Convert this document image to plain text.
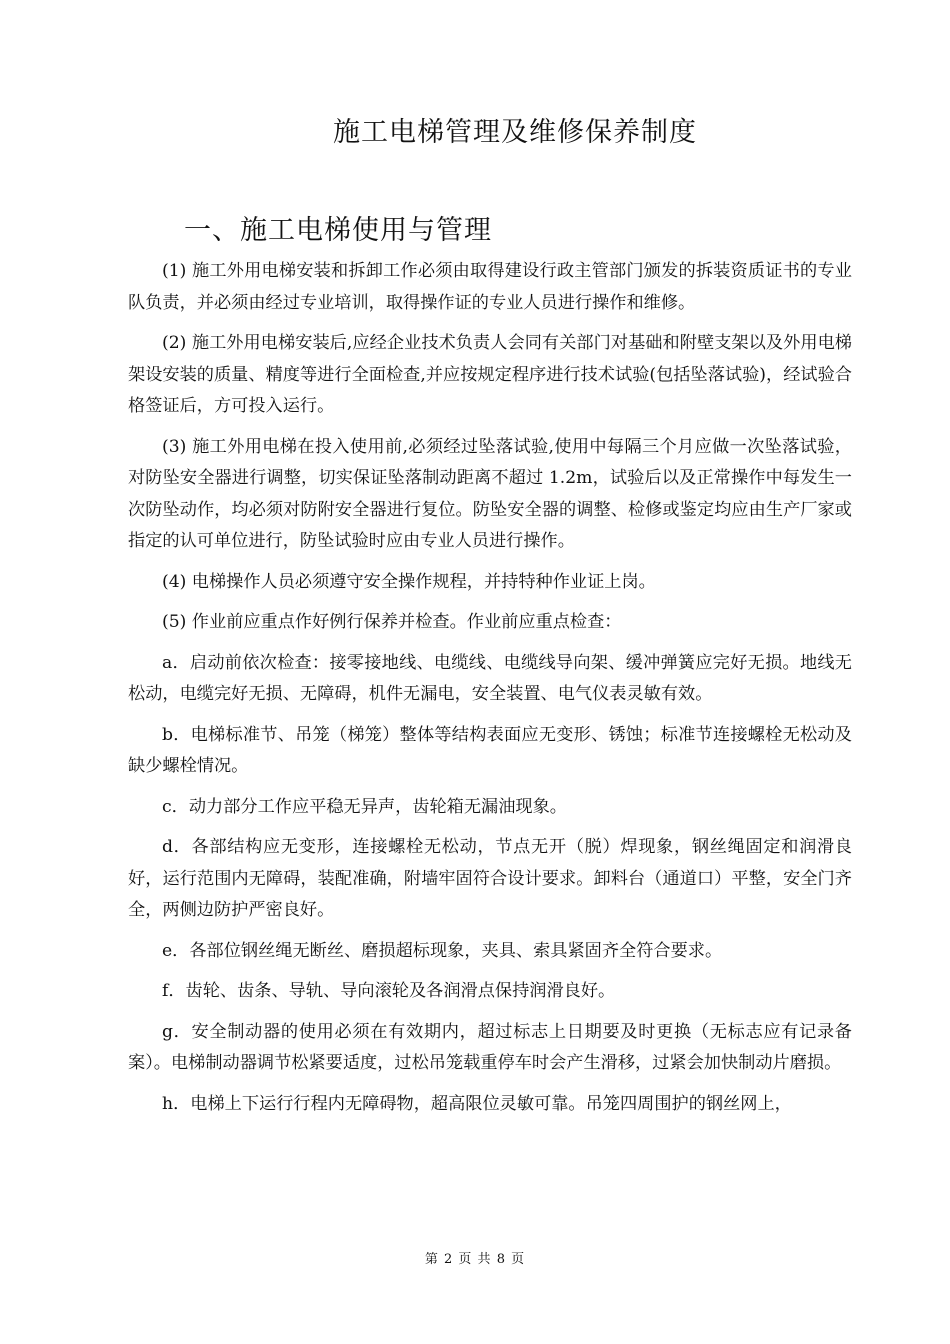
施工电梯管理及维修保养制度
一、施工电梯使用与管理

(1) 施工外用电梯安装和拆卸工作必须由取得建设行政主管部门颁发的拆装资质证书的专业队负责，并必须由经过专业培训，取得操作证的专业人员进行操作和维修。

(2) 施工外用电梯安装后,应经企业技术负责人会同有关部门对基础和附壁支架以及外用电梯架设安装的质量、精度等进行全面检查,并应按规定程序进行技术试验(包括坠落试验)，经试验合格签证后，方可投入运行。

(3) 施工外用电梯在投入使用前,必须经过坠落试验,使用中每隔三个月应做一次坠落试验，对防坠安全器进行调整，切实保证坠落制动距离不超过 1.2m，试验后以及正常操作中每发生一次防坠动作，均必须对防附安全器进行复位。防坠安全器的调整、检修或鉴定均应由生产厂家或指定的认可单位进行，防坠试验时应由专业人员进行操作。

(4) 电梯操作人员必须遵守安全操作规程，并持特种作业证上岗。

(5) 作业前应重点作好例行保养并检查。作业前应重点检查：

a．启动前依次检查：接零接地线、电缆线、电缆线导向架、缓冲弹簧应完好无损。地线无松动，电缆完好无损、无障碍，机件无漏电，安全装置、电气仪表灵敏有效。

b．电梯标准节、吊笼（梯笼）整体等结构表面应无变形、锈蚀；标准节连接螺栓无松动及缺少螺栓情况。

c．动力部分工作应平稳无异声，齿轮箱无漏油现象。

d．各部结构应无变形，连接螺栓无松动，节点无开（脱）焊现象，钢丝绳固定和润滑良好，运行范围内无障碍，装配准确，附墙牢固符合设计要求。卸料台（通道口）平整，安全门齐全，两侧边防护严密良好。

e．各部位钢丝绳无断丝、磨损超标现象，夹具、索具紧固齐全符合要求。

f．齿轮、齿条、导轨、导向滚轮及各润滑点保持润滑良好。

g．安全制动器的使用必须在有效期内，超过标志上日期要及时更换（无标志应有记录备案）。电梯制动器调节松紧要适度，过松吊笼载重停车时会产生滑移，过紧会加快制动片磨损。

h．电梯上下运行行程内无障碍物，超高限位灵敏可靠。吊笼四周围护的钢丝网上，

第 2 页 共 8 页
